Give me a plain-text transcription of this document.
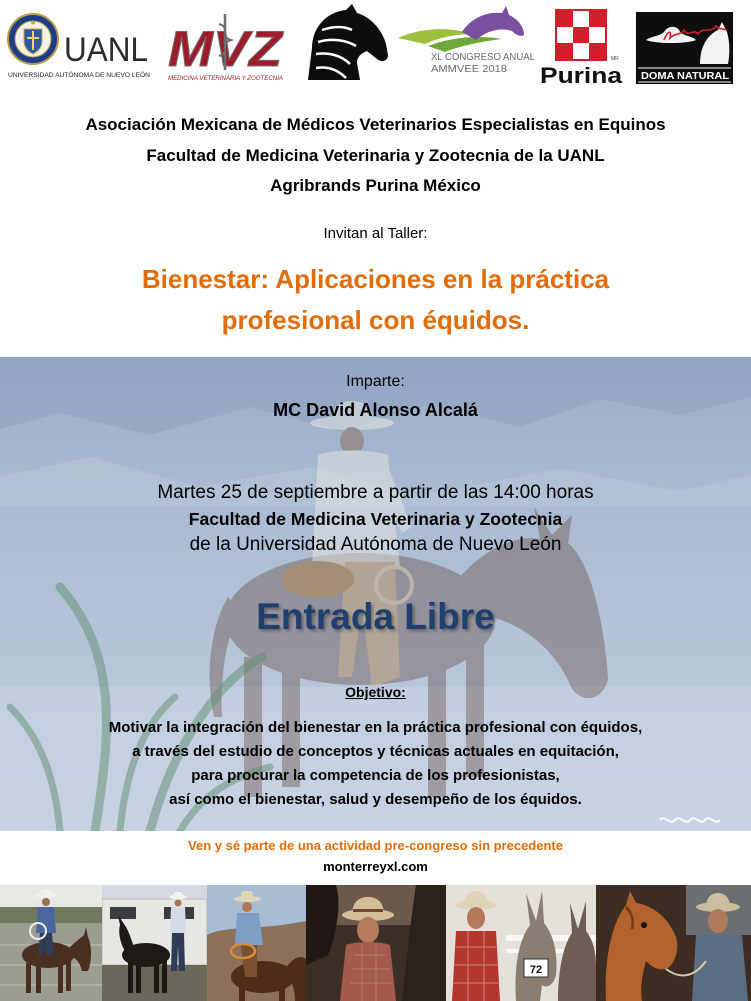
UANL
UNIVERSIDAD AUTÓNOMA DE NUEVO LEÓN MVZ
MEDICINA VETERINARIA Y ZOOTECNIA
XL CONGRESO ANUAL
AMMVEE 2018
MR
Purina DOMA NATURAL

Asociación Mexicana de Médicos Veterinarios Especialistas en Equinos

Facultad de Medicina Veterinaria y Zootecnia de la UANL

Agribrands Purina México

Invitan al Taller:

Bienestar: Aplicaciones en la práctica

profesional con équidos.

Imparte:

MC David Alonso Alcalá

Martes 25 de septiembre a partir de las 14:00 horas

Facultad de Medicina Veterinaria y Zootecnia

de la Universidad Autónoma de Nuevo León

Entrada Libre

Objetivo:

Motivar la integración del bienestar en la práctica profesional con équidos,

a través del estudio de conceptos y técnicas actuales en equitación,

para procurar la competencia de los profesionistas,

así como el bienestar, salud y desempeño de los équidos.

Ven y sé parte de una actividad pre-congreso sin precedente

monterreyxl.com

72
